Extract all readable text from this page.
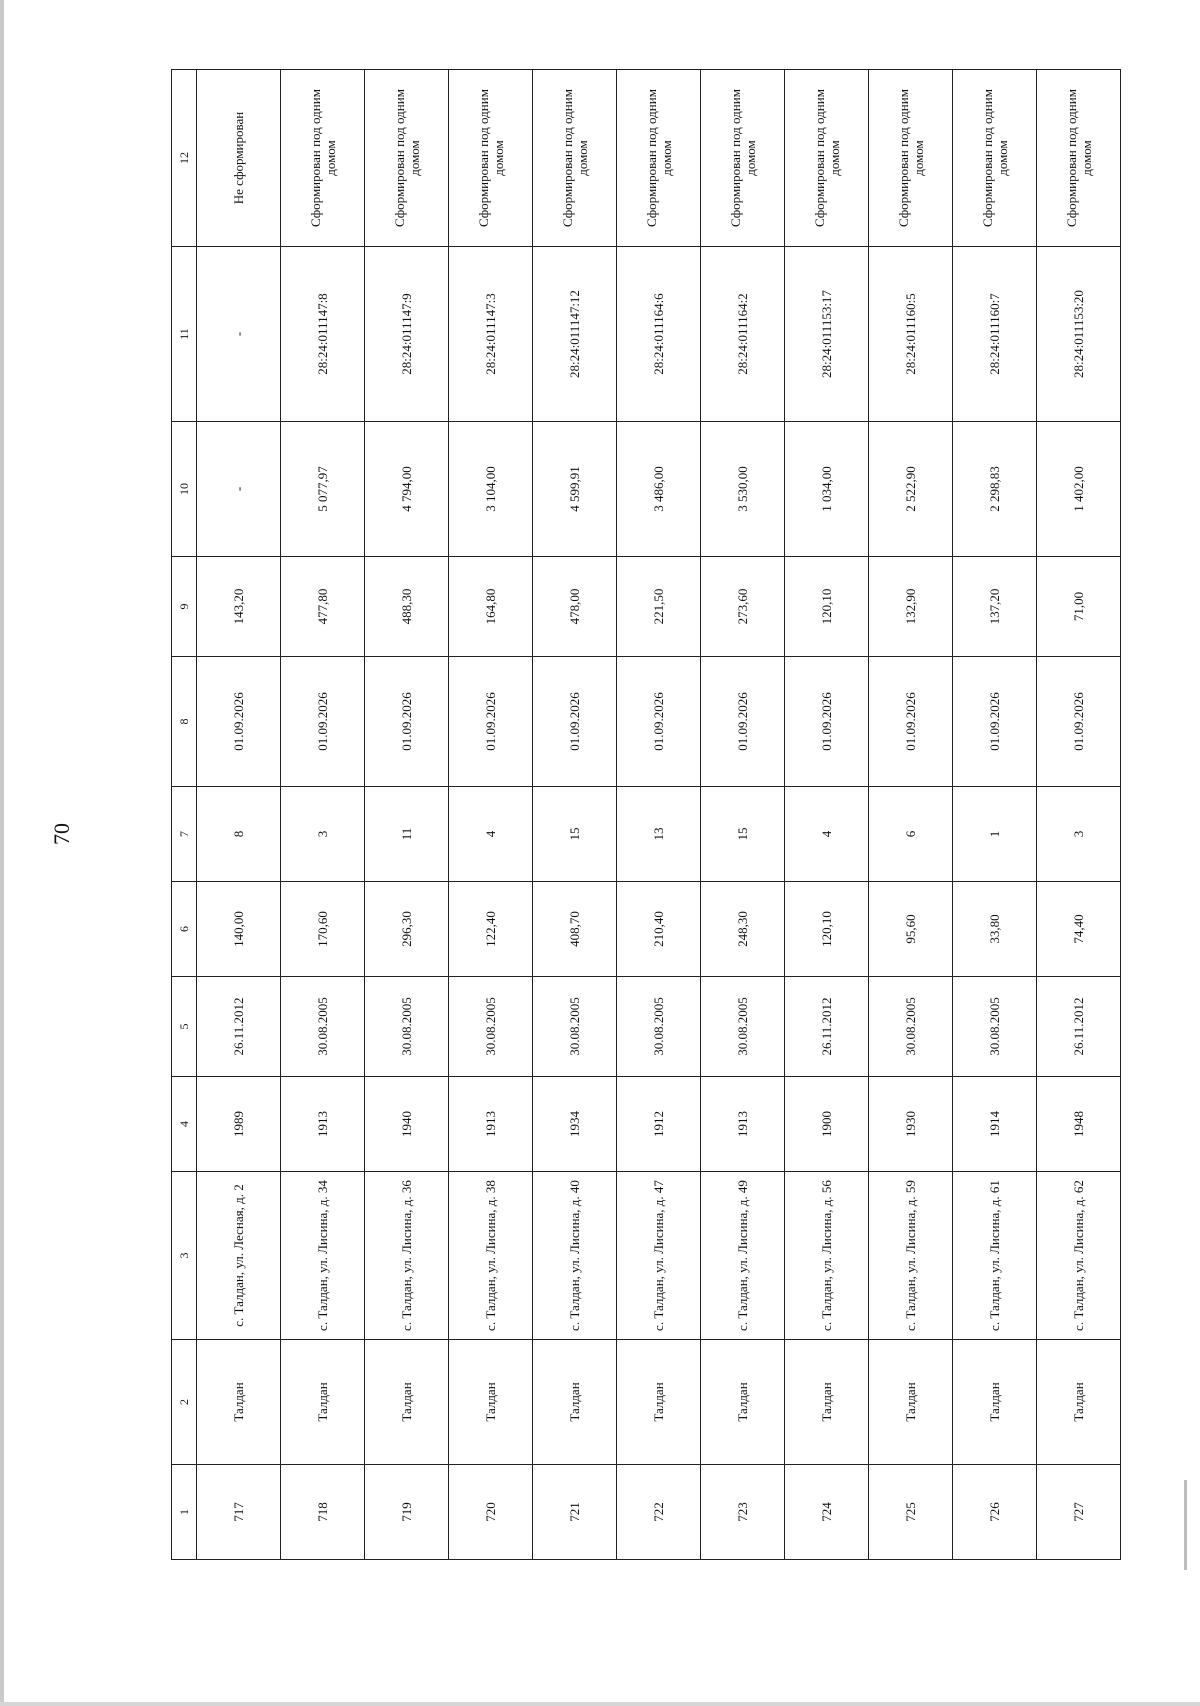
70
1	2	3	4	5	6	7	8	9	10	11	12
717	Талдан	с. Талдан, ул. Лесная, д. 2	1989	26.11.2012	140,00	8	01.09.2026	143,20	-	-	Не сформирован
718	Талдан	с. Талдан, ул. Лисина, д. 34	1913	30.08.2005	170,60	3	01.09.2026	477,80	5 077,97	28:24:011147:8	Сформирован под одним домом
719	Талдан	с. Талдан, ул. Лисина, д. 36	1940	30.08.2005	296,30	11	01.09.2026	488,30	4 794,00	28:24:011147:9	Сформирован под одним домом
720	Талдан	с. Талдан, ул. Лисина, д. 38	1913	30.08.2005	122,40	4	01.09.2026	164,80	3 104,00	28:24:011147:3	Сформирован под одним домом
721	Талдан	с. Талдан, ул. Лисина, д. 40	1934	30.08.2005	408,70	15	01.09.2026	478,00	4 599,91	28:24:011147:12	Сформирован под одним домом
722	Талдан	с. Талдан, ул. Лисина, д. 47	1912	30.08.2005	210,40	13	01.09.2026	221,50	3 486,00	28:24:011164:6	Сформирован под одним домом
723	Талдан	с. Талдан, ул. Лисина, д. 49	1913	30.08.2005	248,30	15	01.09.2026	273,60	3 530,00	28:24:011164:2	Сформирован под одним домом
724	Талдан	с. Талдан, ул. Лисина, д. 56	1900	26.11.2012	120,10	4	01.09.2026	120,10	1 034,00	28:24:011153:17	Сформирован под одним домом
725	Талдан	с. Талдан, ул. Лисина, д. 59	1930	30.08.2005	95,60	6	01.09.2026	132,90	2 522,90	28:24:011160:5	Сформирован под одним домом
726	Талдан	с. Талдан, ул. Лисина, д. 61	1914	30.08.2005	33,80	1	01.09.2026	137,20	2 298,83	28:24:011160:7	Сформирован под одним домом
727	Талдан	с. Талдан, ул. Лисина, д. 62	1948	26.11.2012	74,40	3	01.09.2026	71,00	1 402,00	28:24:011153:20	Сформирован под одним домом
